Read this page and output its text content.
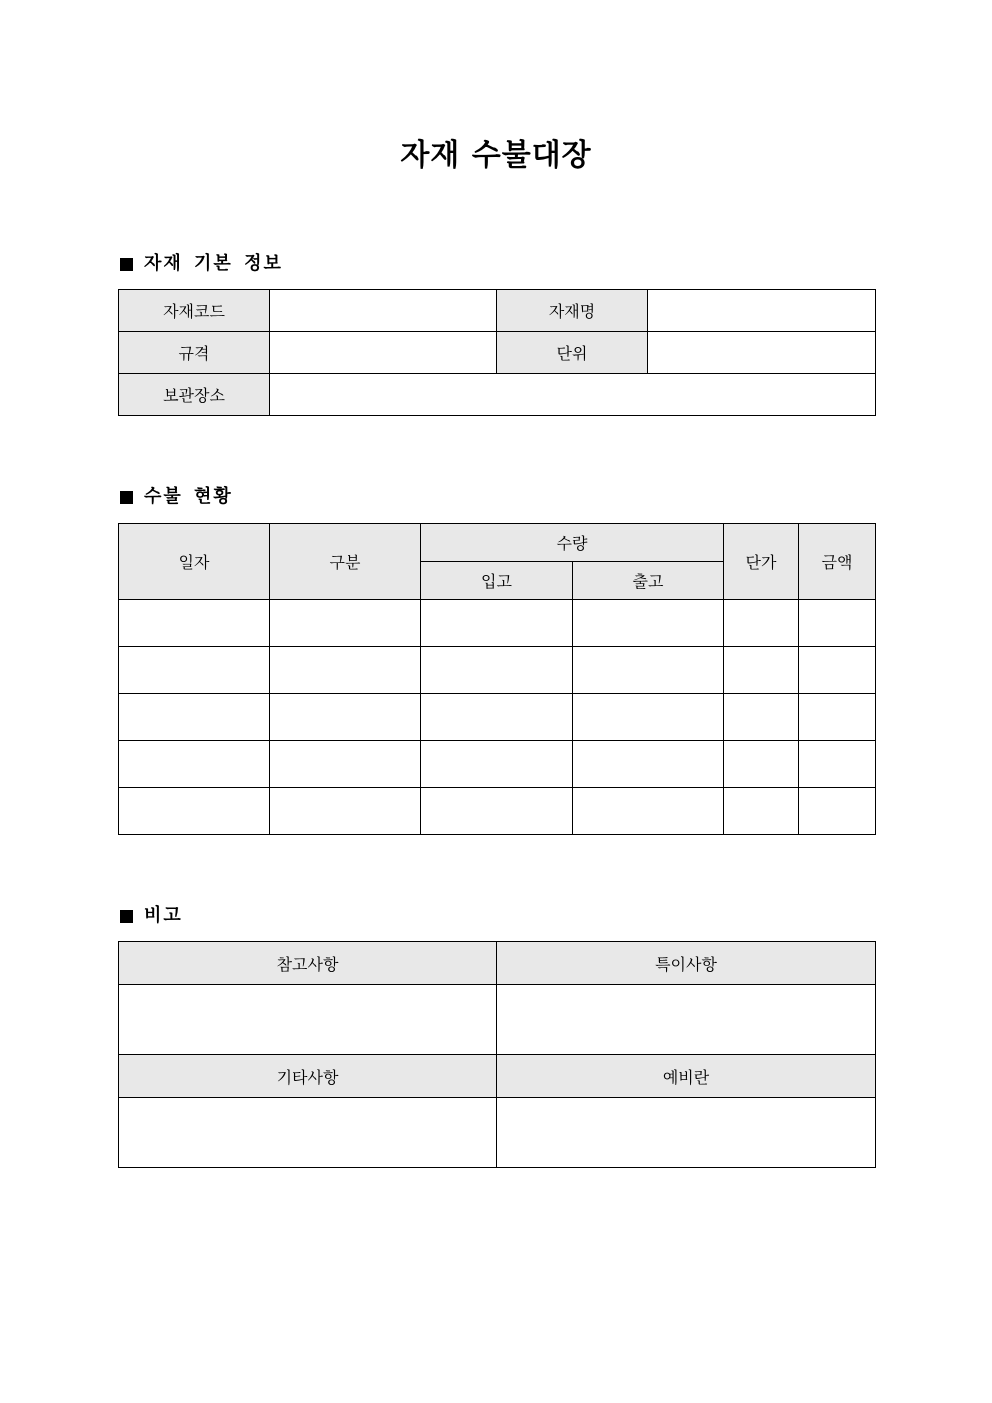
자재 수불대장
자재 기본 정보
자재코드		자재명	
규격		단위	
보관장소			
수불 현황
일자	구분	수량		단가	금액
		입고	출고		

비고
참고사항	특이사항

기타사항	예비란
